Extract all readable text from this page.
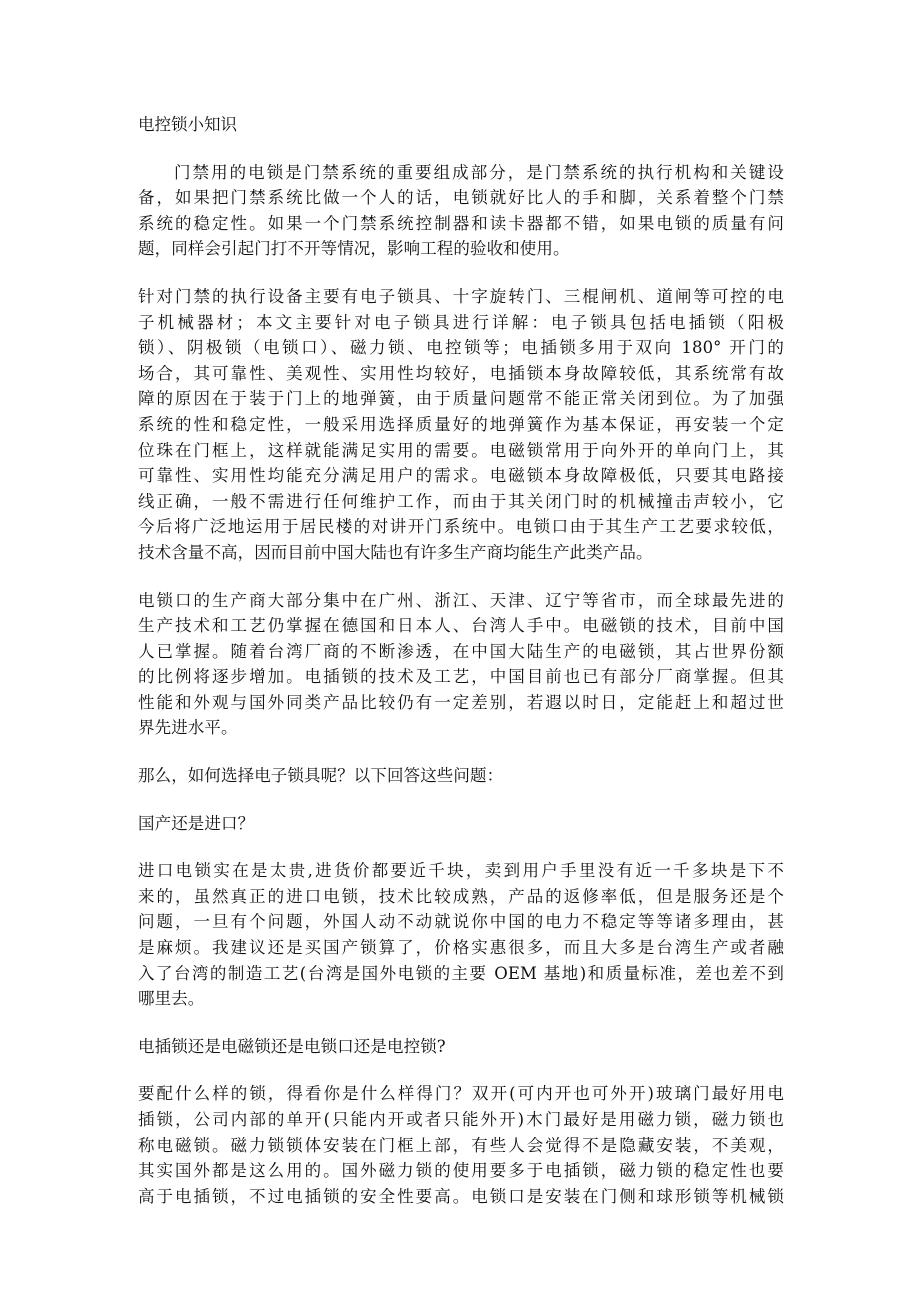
电控锁小知识
门禁用的电锁是门禁系统的重要组成部分，是门禁系统的执行机构和关键设
备，如果把门禁系统比做一个人的话，电锁就好比人的手和脚，关系着整个门禁
系统的稳定性。如果一个门禁系统控制器和读卡器都不错，如果电锁的质量有问
题，同样会引起门打不开等情况，影响工程的验收和使用。
针对门禁的执行设备主要有电子锁具、十字旋转门、三棍闸机、道闸等可控的电
子机械器材；本文主要针对电子锁具进行详解：电子锁具包括电插锁（阳极
锁）、阴极锁（电锁口）、磁力锁、电控锁等；电插锁多用于双向 180° 开门的
场合，其可靠性、美观性、实用性均较好，电插锁本身故障较低，其系统常有故
障的原因在于装于门上的地弹簧，由于质量问题常不能正常关闭到位。为了加强
系统的性和稳定性，一般采用选择质量好的地弹簧作为基本保证，再安装一个定
位珠在门框上，这样就能满足实用的需要。电磁锁常用于向外开的单向门上，其
可靠性、实用性均能充分满足用户的需求。电磁锁本身故障极低，只要其电路接
线正确，一般不需进行任何维护工作，而由于其关闭门时的机械撞击声较小，它
今后将广泛地运用于居民楼的对讲开门系统中。电锁口由于其生产工艺要求较低，
技术含量不高，因而目前中国大陆也有许多生产商均能生产此类产品。
电锁口的生产商大部分集中在广州、浙江、天津、辽宁等省市，而全球最先进的
生产技术和工艺仍掌握在德国和日本人、台湾人手中。电磁锁的技术，目前中国
人已掌握。随着台湾厂商的不断渗透，在中国大陆生产的电磁锁，其占世界份额
的比例将逐步增加。电插锁的技术及工艺，中国目前也已有部分厂商掌握。但其
性能和外观与国外同类产品比较仍有一定差别，若遐以时日，定能赶上和超过世
界先进水平。
那么，如何选择电子锁具呢？以下回答这些问题：
国产还是进口？
进口电锁实在是太贵,进货价都要近千块，卖到用户手里没有近一千多块是下不
来的，虽然真正的进口电锁，技术比较成熟，产品的返修率低，但是服务还是个
问题，一旦有个问题，外国人动不动就说你中国的电力不稳定等等诸多理由，甚
是麻烦。我建议还是买国产锁算了，价格实惠很多，而且大多是台湾生产或者融
入了台湾的制造工艺(台湾是国外电锁的主要 OEM 基地)和质量标准，差也差不到
哪里去。
电插锁还是电磁锁还是电锁口还是电控锁?
要配什么样的锁，得看你是什么样得门？双开(可内开也可外开)玻璃门最好用电
插锁，公司内部的单开(只能内开或者只能外开)木门最好是用磁力锁，磁力锁也
称电磁锁。磁力锁锁体安装在门框上部，有些人会觉得不是隐藏安装，不美观，
其实国外都是这么用的。国外磁力锁的使用要多于电插锁，磁力锁的稳定性也要
高于电插锁，不过电插锁的安全性要高。电锁口是安装在门侧和球形锁等机械锁
